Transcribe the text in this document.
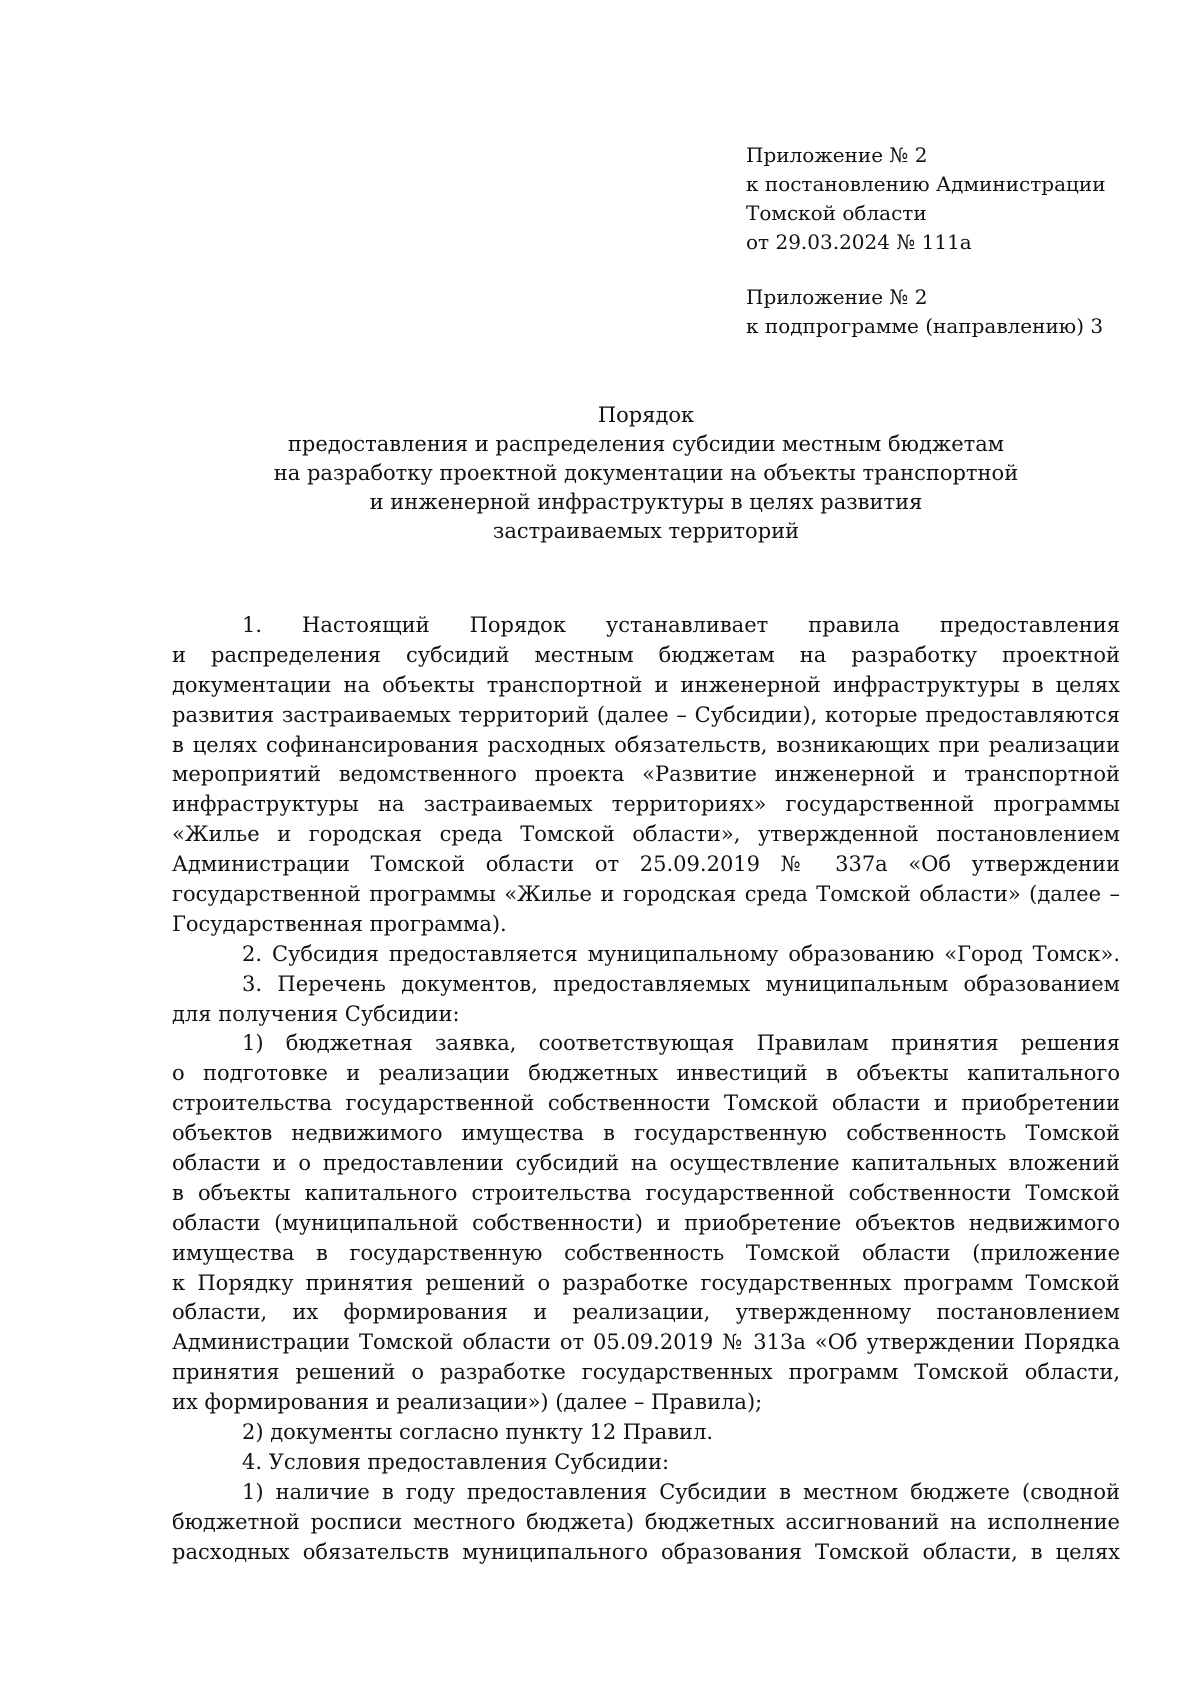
Приложение № 2
к постановлению Администрации
Томской области
от 29.03.2024 № 111а
Приложение № 2
к подпрограмме (направлению) 3
Порядок
предоставления и распределения субсидии местным бюджетам
на разработку проектной документации на объекты транспортной
и инженерной инфраструктуры в целях развития
застраиваемых территорий
1. Настоящий Порядок устанавливает правила предоставления
и распределения субсидий местным бюджетам на разработку проектной
документации на объекты транспортной и инженерной инфраструктуры в целях
развития застраиваемых территорий (далее – Субсидии), которые предоставляются
в целях софинансирования расходных обязательств, возникающих при реализации
мероприятий ведомственного проекта «Развитие инженерной и транспортной
инфраструктуры на застраиваемых территориях» государственной программы
«Жилье и городская среда Томской области», утвержденной постановлением
Администрации Томской области от 25.09.2019 № 337а «Об утверждении
государственной программы «Жилье и городская среда Томской области» (далее –
Государственная программа).
2. Субсидия предоставляется муниципальному образованию «Город Томск».
3. Перечень документов, предоставляемых муниципальным образованием
для получения Субсидии:
1) бюджетная заявка, соответствующая Правилам принятия решения
о подготовке и реализации бюджетных инвестиций в объекты капитального
строительства государственной собственности Томской области и приобретении
объектов недвижимого имущества в государственную собственность Томской
области и о предоставлении субсидий на осуществление капитальных вложений
в объекты капитального строительства государственной собственности Томской
области (муниципальной собственности) и приобретение объектов недвижимого
имущества в государственную собственность Томской области (приложение
к Порядку принятия решений о разработке государственных программ Томской
области, их формирования и реализации, утвержденному постановлением
Администрации Томской области от 05.09.2019 № 313а «Об утверждении Порядка
принятия решений о разработке государственных программ Томской области,
их формирования и реализации») (далее – Правила);
2) документы согласно пункту 12 Правил.
4. Условия предоставления Субсидии:
1) наличие в году предоставления Субсидии в местном бюджете (сводной
бюджетной росписи местного бюджета) бюджетных ассигнований на исполнение
расходных обязательств муниципального образования Томской области, в целях
